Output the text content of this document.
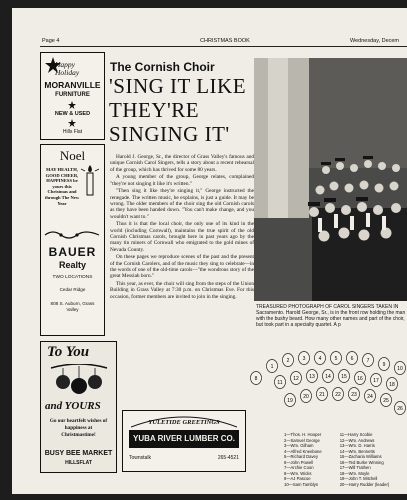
Page 4	CHRISTMAS BOOK	Wednesday, Decem
Happy Holiday
MORANVILLE
FURNITURE
NEW & USED
Hills Flat
Noel
MAY HEALTH, GOOD CHEER, HAPPINESS be yours this Christmas and through The New Year
BAUER
Realty
TWO LOCATIONS
Cedar Ridge
808 S. Auburn, Grass Valley
To You
and YOURS
Go our heartfelt wishes of happiness at Christmastime!
BUSY BEE MARKET
HILLSFLAT
YULETIDE GREETINGS
YUBA RIVER LUMBER CO.
Townstalk	265-4521
The Cornish Choir
'SING IT LIKE THEY'RE SINGING IT'

Harold J. George, Sr., the director of Grass Valley's famous and unique Cornish Carol Singers, tells a story about a recent rehearsal of the group, which has thrived for some 80 years.

A young member of the group, George relates, complained "they're not singing it like it's written."

"Then sing it like they're singing it," George instructed the renegade. The written music, he explains, is just a guide. It may be wrong. The older members of the choir sing the old Cornish carols as they have been handed down. "You can't make change, and you wouldn't want to."

Thus it is that the local choir, the only one of its kind in the world (including Cornwall), maintains the true spirit of the old Cornish Christmas carols, brought here in past years ago by the many tin miners of Cornwall who emigrated to the gold mines of Nevada County.

On these pages we reproduce scenes of the past and the present of the Cornish Carolers, and of the music they sing to celebrate—in the words of one of the old-time carols—"the wondrous story of the great Messiah born."

This year, as ever, the choir will sing from the steps of the Union Building in Grass Valley at 7:30 p.m. on Christmas Eve. For this occasion, former members are invited to join in the singing.

TREASURED PHOTOGRAPH OF CAROL SINGERS TAKEN IN Sacramento. Harold George, Sr., is in the front row holding the man with the bushy beard. How many other names and part of the choir, but took part in a specialty quartet. A p
8
1
2	3	4	5	6	7
9
10
11
12 13 14 15 16 17
18
19
20 21 22 23 24
25
26
1—Thos. H. Hooper
2—Samuel George
3—Wm. Gilham
4—Alfred Kneebone
5—Richard Davey
6—John Powell
7—Archie Coon
8—Wm. Wicks
9—AJ Pascoe
10—Sam Tamblyn
11—Harry Scobie
12—Wm. Andrews
13—Wm. D. Harris
14—Wm. Bennetts
15—Zacharia Williams
16—Ted Burke Winning
17—Will Trathen
18—Wm. Moyle
19—John T. Mitchell
20—Harry Rudder (leader)
